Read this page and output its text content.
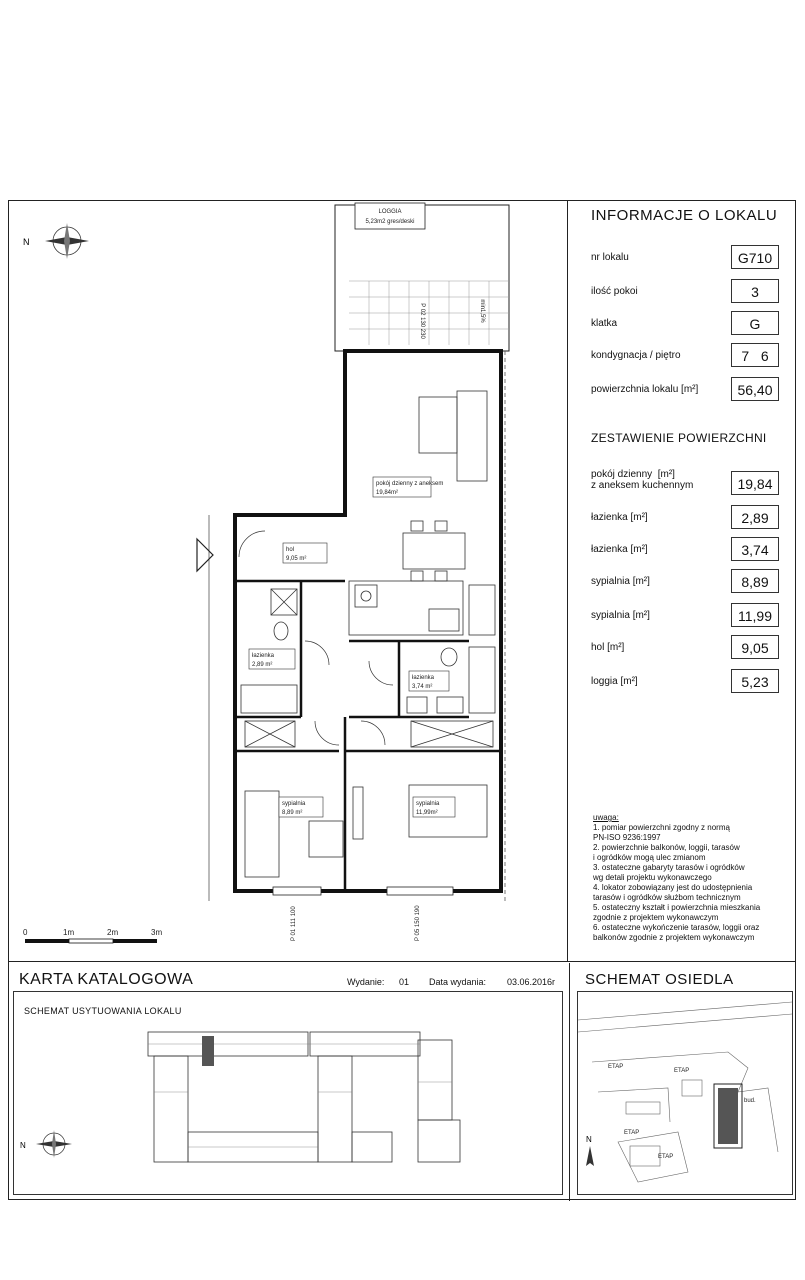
N
LOGGIA
5,23m2 gres/deski
P 02 130 230	min1,5%
pokój dzienny z aneksem
19,84m²
hol
9,05 m²
łazienka
2,89 m²
łazienka
3,74 m²
sypialnia
8,89 m²
sypialnia
11,99m²
P 01 111 100	P 05 150 190
0	1m	2m	3m
INFORMACJE O LOKALU
nr lokalu	G710
ilość pokoi	3
klatka	G
kondygnacja / piętro	7   6
powierzchnia lokalu [m²]	56,40
ZESTAWIENIE POWIERZCHNI
pokój dzienny  [m²]
z aneksem kuchennym	19,84
łazienka [m²]	2,89
łazienka [m²]	3,74
sypialnia [m²]	8,89
sypialnia [m²]	11,99
hol [m²]	9,05
loggia [m²]	5,23
uwaga:
1. pomiar powierzchni zgodny z normą
PN-ISO 9236:1997
2. powierzchnie balkonów, loggii, tarasów
i ogródków mogą ulec zmianom
3. ostateczne gabaryty tarasów i ogródków
wg detali projektu wykonawczego
4. lokator zobowiązany jest do udostępnienia
tarasów i ogródków służbom technicznym
5. ostateczny kształt i powierzchnia mieszkania
zgodnie z projektem wykonawczym
6. ostateczne wykończenie tarasów, loggii oraz
balkonów zgodnie z projektem wykonawczym
KARTA KATALOGOWA	Wydanie: 01 Data wydania: 03.06.2016r
SCHEMAT USYTUOWANIA LOKALU
N
SCHEMAT OSIEDLA
ETAP
ETAP
ETAP
ETAP
bud.
N
